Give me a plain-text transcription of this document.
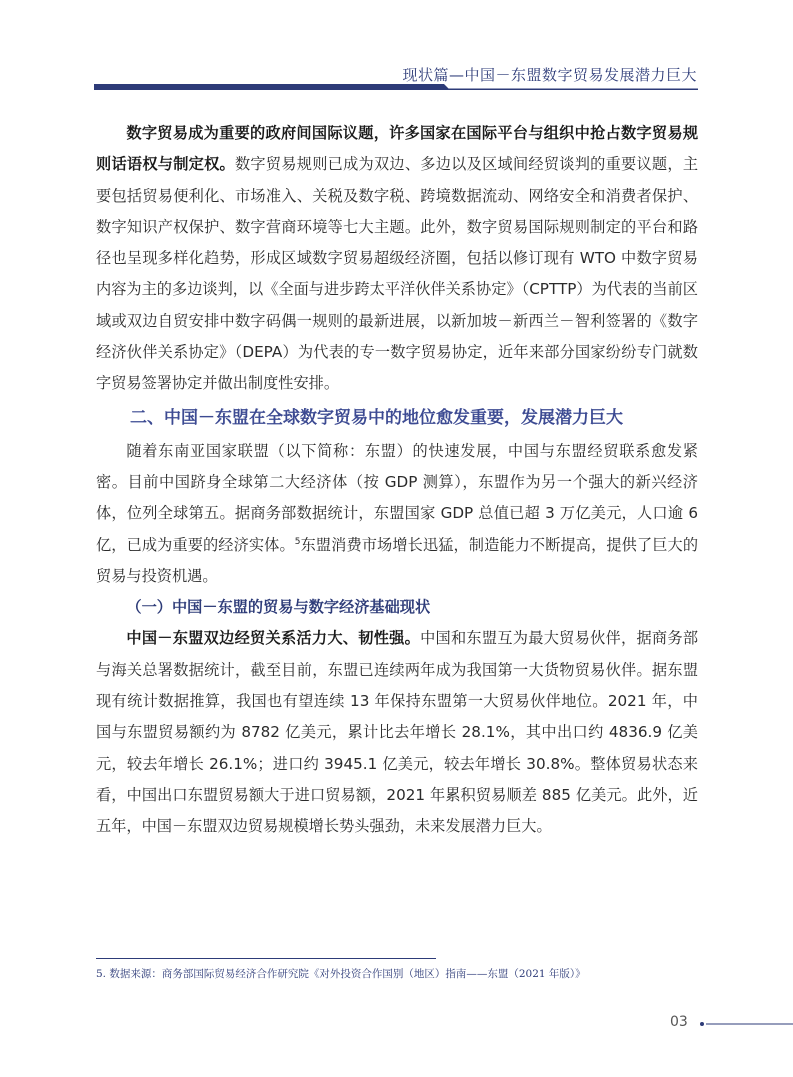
现状篇—中国－东盟数字贸易发展潜力巨大

数字贸易成为重要的政府间国际议题，许多国家在国际平台与组织中抢占数字贸易规则话语权与制定权。数字贸易规则已成为双边、多边以及区域间经贸谈判的重要议题，主要包括贸易便利化、市场准入、关税及数字税、跨境数据流动、网络安全和消费者保护、数字知识产权保护、数字营商环境等七大主题。此外，数字贸易国际规则制定的平台和路径也呈现多样化趋势，形成区域数字贸易超级经济圈，包括以修订现有 WTO 中数字贸易内容为主的多边谈判，以《全面与进步跨太平洋伙伴关系协定》（CPTTP）为代表的当前区域或双边自贸安排中数字码偶一规则的最新进展，以新加坡－新西兰－智利签署的《数字经济伙伴关系协定》（DEPA）为代表的专一数字贸易协定，近年来部分国家纷纷专门就数字贸易签署协定并做出制度性安排。

二、中国－东盟在全球数字贸易中的地位愈发重要，发展潜力巨大

随着东南亚国家联盟（以下简称：东盟）的快速发展，中国与东盟经贸联系愈发紧密。目前中国跻身全球第二大经济体（按 GDP 测算），东盟作为另一个强大的新兴经济体，位列全球第五。据商务部数据统计，东盟国家 GDP 总值已超 3 万亿美元，人口逾 6 亿，已成为重要的经济实体。$^5$东盟消费市场增长迅猛，制造能力不断提高，提供了巨大的贸易与投资机遇。

（一）中国－东盟的贸易与数字经济基础现状

中国－东盟双边经贸关系活力大、韧性强。中国和东盟互为最大贸易伙伴，据商务部与海关总署数据统计，截至目前，东盟已连续两年成为我国第一大货物贸易伙伴。据东盟现有统计数据推算，我国也有望连续 13 年保持东盟第一大贸易伙伴地位。2021 年，中国与东盟贸易额约为 8782 亿美元，累计比去年增长 28.1%，其中出口约 4836.9 亿美元，较去年增长 26.1%；进口约 3945.1 亿美元，较去年增长 30.8%。整体贸易状态来看，中国出口东盟贸易额大于进口贸易额，2021 年累积贸易顺差 885 亿美元。此外，近五年，中国－东盟双边贸易规模增长势头强劲，未来发展潜力巨大。

5. 数据来源：商务部国际贸易经济合作研究院《对外投资合作国别（地区）指南——东盟（2021 年版）》
03
